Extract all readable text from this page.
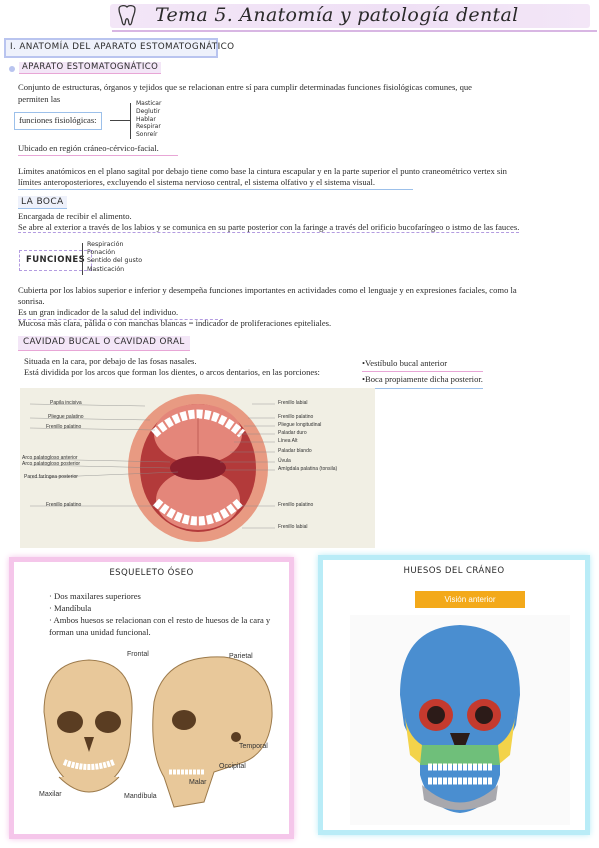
Tema 5. Anatomía y patología dental
I. ANATOMÍA DEL APARATO ESTOMATOGNÁTICO
APARATO ESTOMATOGNÁTICO

Conjunto de estructuras, órganos y tejidos que se relacionan entre sí para cumplir determinadas funciones fisiológicas comunes, que

permiten las

funciones fisiológicas:
Masticar
Deglutir
Hablar
Respirar
Sonreír

Ubicado en región cráneo-cérvico-facial.

Límites anatómicos en el plano sagital por debajo tiene como base la cintura escapular y en la parte superior el punto craneométrico vertex sin

límites anteroposteriores, excluyendo el sistema nervioso central, el sistema olfativo y el sistema visual.

LA BOCA

Encargada de recibir el alimento.

Se abre al exterior a través de los labios y se comunica en su parte posterior con la faringe a través del orificio bucofaríngeo o istmo de las fauces.

FUNCIONES
Respiración
Fonación
Sentido del gusto
Masticación

Cubierta por los labios superior e inferior y desempeña funciones importantes en actividades como el lenguaje y en expresiones faciales, como la

sonrisa.

Es un gran indicador de la salud del individuo.

Mucosa más clara, pálida o con manchas blancas = indicador de proliferaciones epiteliales.

CAVIDAD BUCAL O CAVIDAD ORAL

Situada en la cara, por debajo de las fosas nasales.

Está dividida por los arcos que forman los dientes, o arcos dentarios, en las porciones:

•Vestíbulo bucal anterior
•Boca propiamente dicha posterior.
Papila incisiva
Pliegue palatino
Frenillo palatino
Arco palatogloso anterior
Arco palatogloso posterior
Pared faríngea posterior
Frenillo palatino
Frenillo labial
Frenillo palatino
Pliegue longitudinal
Paladar duro
Línea Alt
Paladar blando
Úvula
Amígdala palatina (tonsila)
Frenillo palatino
Frenillo labial
ESQUELETO ÓSEO
· Dos maxilares superiores
· Mandíbula
· Ambos huesos se relacionan con el resto de huesos de la cara y forman una unidad funcional.
Frontal	Parietal
Temporal
Occipital
Malar
Maxilar	Mandíbula
HUESOS DEL CRÁNEO
Visión anterior
